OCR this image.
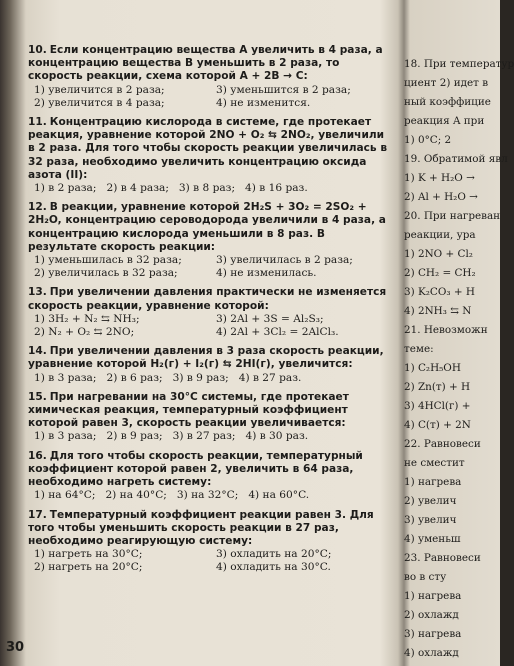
10. Если концентрацию вещества A увеличить в 4 раза, а концентрацию вещества B уменьшить в 2 раза, то скорость реакции, схема которой A + 2B → C:
1) увеличится в 2 раза;	3) уменьшится в 2 раза;
2) увеличится в 4 раза;	4) не изменится.
11. Концентрацию кислорода в системе, где протекает реакция, уравнение которой 2NO + O₂ ⇆ 2NO₂, увеличили в 2 раза. Для того чтобы скорость реакции увеличилась в 32 раза, необходимо увеличить концентрацию оксида азота (II):
1) в 2 раза; 2) в 4 раза; 3) в 8 раз; 4) в 16 раз.
12. В реакции, уравнение которой 2H₂S + 3O₂ = 2SO₂ + 2H₂O, концентрацию сероводорода увеличили в 4 раза, а концентрацию кислорода уменьшили в 8 раз. В результате скорость реакции:
1) уменьшилась в 32 раза;	3) увеличилась в 2 раза;
2) увеличилась в 32 раза;	4) не изменилась.
13. При увеличении давления практически не изменяется скорость реакции, уравнение которой:
1) 3H₂ + N₂ ⇆ NH₃;	3) 2Al + 3S = Al₂S₃;
2) N₂ + O₂ ⇆ 2NO;	4) 2Al + 3Cl₂ = 2AlCl₃.
14. При увеличении давления в 3 раза скорость реакции, уравнение которой H₂(г) + I₂(г) ⇆ 2HI(г), увеличится:
1) в 3 раза; 2) в 6 раз; 3) в 9 раз; 4) в 27 раз.
15. При нагревании на 30°C системы, где протекает химическая реакция, температурный коэффициент которой равен 3, скорость реакции увеличивается:
1) в 3 раза; 2) в 9 раз; 3) в 27 раз; 4) в 30 раз.
16. Для того чтобы скорость реакции, температурный коэффициент которой равен 2, увеличить в 64 раза, необходимо нагреть систему:
1) на 64°C; 2) на 40°C; 3) на 32°C; 4) на 60°C.
17. Температурный коэффициент реакции равен 3. Для того чтобы уменьшить скорость реакции в 27 раз, необходимо реагирующую систему:
1) нагреть на 30°C;	3) охладить на 20°C;
2) нагреть на 20°C;	4) охладить на 30°C.
18. При температур
циент 2) идет в
ный коэффицие
реакция A при
1) 0°C; 2
19. Обратимой явл
1) K + H₂O →
2) Al + H₂O →
20. При нагреван
реакции, ура
1) 2NO + Cl₂
2) CH₂ = CH₂
3) K₂CO₃ + H
4) 2NH₃ ⇆ N
21. Невозможн
теме:
1) C₂H₅OH
2) Zn(т) + H
3) 4HCl(г) +
4) C(т) + 2N
22. Равновеси
не сместит
1) нагрева
2) увелич
3) увелич
4) уменьш
23. Равновеси
во в сту
1) нагрева
2) охлажд
3) нагрева
4) охлажд
30
